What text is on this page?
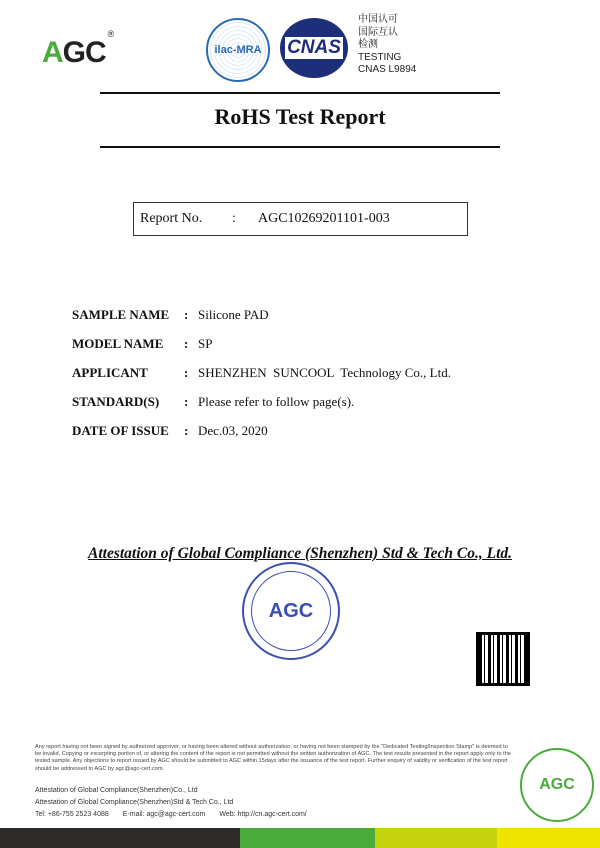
AGC®
ilac-MRA CNAS
中国认可
国际互认
检测
TESTING
CNAS L9894
RoHS Test Report
Report No.	:	AGC10269201101-003
SAMPLE NAME	: Silicone PAD
MODEL NAME	: SP
APPLICANT	: SHENZHEN  SUNCOOL  Technology Co., Ltd.
STANDARD(S)	: Please refer to follow page(s).
DATE OF ISSUE	: Dec.03, 2020
Attestation of Global Compliance (Shenzhen) Std & Tech Co., Ltd.
AGC
Any report having not been signed by authorized approver, or having been altered without authorization, or having not been stamped by the "Dedicated Testing/Inspection Stamp" is deemed to be invalid. Copying or excerpting portion of, or altering the content of the report is not permitted without the written authorization of AGC. The test results presented in the report apply only to the tested sample. Any objections to report issued by AGC should be submitted to AGC within 15days after the issuance of the test report. Further enquiry of validity or verification of the test report should be addressed to AGC by agc@agc-cert.com.
Attestation of Global Compliance(Shenzhen)Co., Ltd
Attestation of Global Compliance(Shenzhen)Std & Tech Co., Ltd
Tel: +86-755 2523 4088 E-mail: agc@agc-cert.com Web: http://cn.agc-cert.com/
AGC
